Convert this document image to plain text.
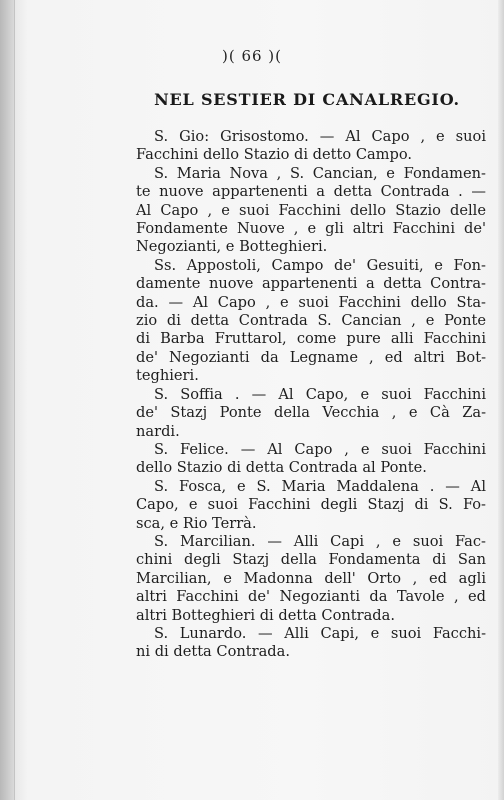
)( 66 )(
NEL SESTIER DI CANALREGIO.
S. Gio: Grisostomo. — Al Capo , e suoi
Facchini dello Stazio di detto Campo.
S. Maria Nova , S. Cancian, e Fondamen-
te nuove appartenenti a detta Contrada . —
Al Capo , e suoi Facchini dello Stazio delle
Fondamente Nuove , e gli altri Facchini de'
Negozianti, e Botteghieri.
Ss. Appostoli, Campo de' Gesuiti, e Fon-
damente nuove appartenenti a detta Contra-
da. — Al Capo , e suoi Facchini dello Sta-
zio di detta Contrada S. Cancian , e Ponte
di Barba Fruttarol, come pure alli Facchini
de' Negozianti da Legname , ed altri Bot-
teghieri.
S. Soffia . — Al Capo, e suoi Facchini
de' Stazj Ponte della Vecchia , e Cà Za-
nardi.
S. Felice. — Al Capo , e suoi Facchini
dello Stazio di detta Contrada al Ponte.
S. Fosca, e S. Maria Maddalena . — Al
Capo, e suoi Facchini degli Stazj di S. Fo-
sca, e Rio Terrà.
S. Marcilian. — Alli Capi , e suoi Fac-
chini degli Stazj della Fondamenta di San
Marcilian, e Madonna dell' Orto , ed agli
altri Facchini de' Negozianti da Tavole , ed
altri Botteghieri di detta Contrada.
S. Lunardo. — Alli Capi, e suoi Facchi-
ni di detta Contrada.
